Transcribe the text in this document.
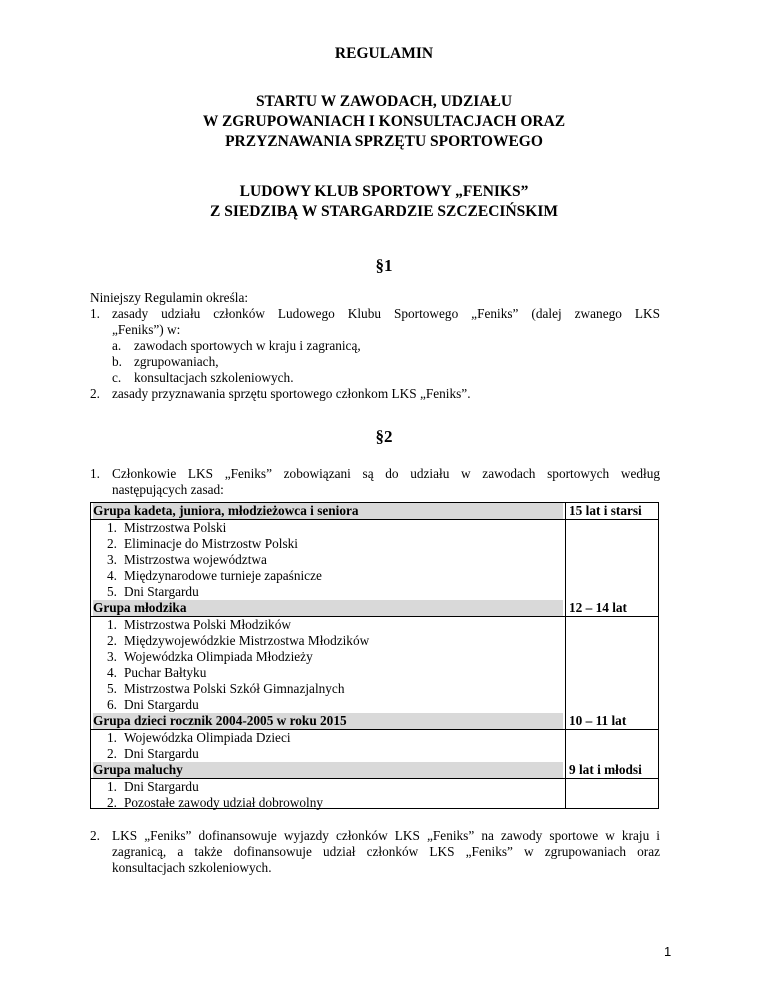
REGULAMIN
STARTU W ZAWODACH, UDZIAŁU
W ZGRUPOWANIACH I KONSULTACJACH ORAZ
PRZYZNAWANIA SPRZĘTU SPORTOWEGO
LUDOWY KLUB SPORTOWY „FENIKS”
Z SIEDZIBĄ W STARGARDZIE SZCZECIŃSKIM
§1
Niniejszy Regulamin określa:
1. zasady udziału członków Ludowego Klubu Sportowego „Feniks” (dalej zwanego LKS
„Feniks”) w:
a. zawodach sportowych w kraju i zagranicą,
b. zgrupowaniach,
c. konsultacjach szkoleniowych.
2. zasady przyznawania sprzętu sportowego członkom LKS „Feniks”.
§2
1. Członkowie LKS „Feniks” zobowiązani są do udziału w zawodach sportowych według
następujących zasad:
Grupa kadeta, juniora, młodzieżowca i seniora	15 lat i starsi
1. Mistrzostwa Polski
2. Eliminacje do Mistrzostw Polski
3. Mistrzostwa województwa
4. Międzynarodowe turnieje zapaśnicze
5. Dni Stargardu
Grupa młodzika	12 – 14 lat
1. Mistrzostwa Polski Młodzików
2. Międzywojewódzkie Mistrzostwa Młodzików
3. Wojewódzka Olimpiada Młodzieży
4. Puchar Bałtyku
5. Mistrzostwa Polski Szkół Gimnazjalnych
6. Dni Stargardu
Grupa dzieci rocznik 2004-2005 w roku 2015	10 – 11 lat
1. Wojewódzka Olimpiada Dzieci
2. Dni Stargardu
Grupa maluchy	9 lat i młodsi
1. Dni Stargardu
2. Pozostałe zawody udział dobrowolny
2. LKS „Feniks” dofinansowuje wyjazdy członków LKS „Feniks” na zawody sportowe w kraju i
zagranicą, a także dofinansowuje udział członków LKS „Feniks” w zgrupowaniach oraz
konsultacjach szkoleniowych.
1
